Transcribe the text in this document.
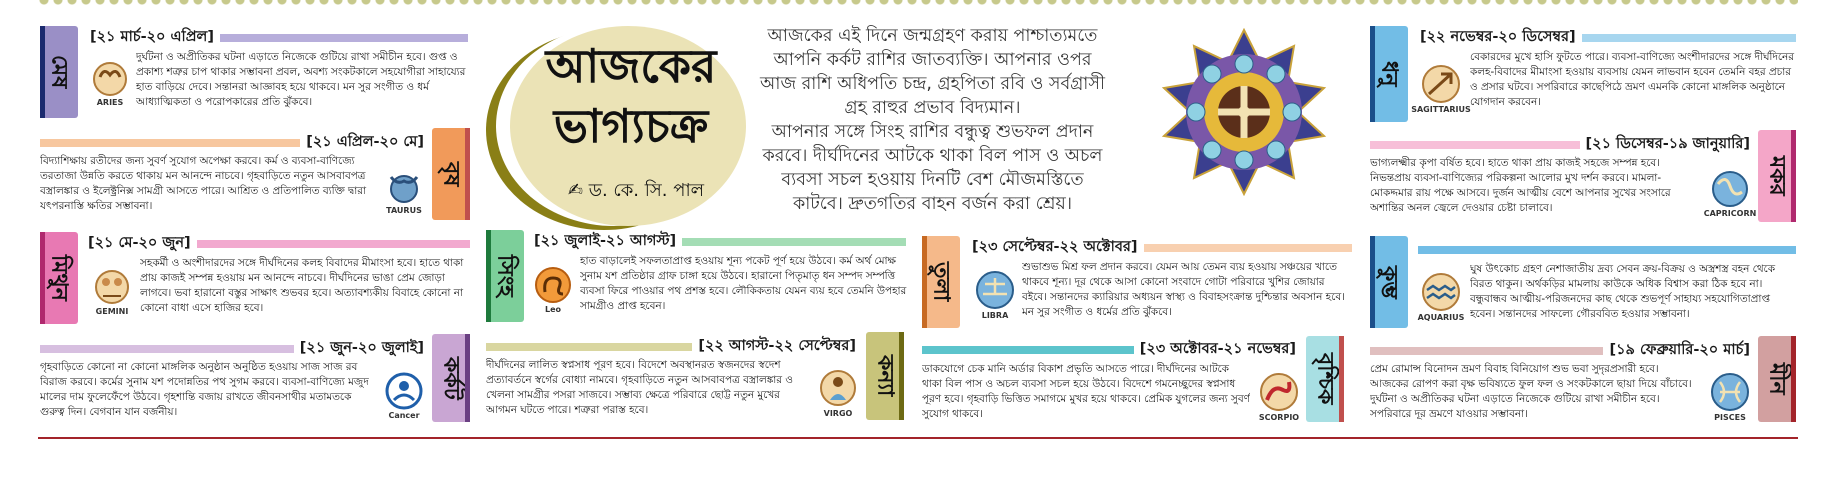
মেষ
[২১ মার্চ-২০ এপ্রিল]
দুর্ঘটনা ও অপ্রীতিকর ঘটনা এড়াতে নিজেকে গুটিয়ে রাখা সমীচীন হবে। গুপ্ত ও প্রকাশ্য শত্রুর চাপ থাকার সম্ভাবনা প্রবল, অবশ্য সংকটকালে সহযোগীরা সাহায্যের হাত বাড়িয়ে দেবে। সন্তানরা আজ্ঞাবহ হয়ে থাকবে। মন সুর সংগীত ও ধর্ম আধ্যাত্মিকতা ও পরোপকারের প্রতি ঝুঁকবে।
ARIES
[২১ এপ্রিল-২০ মে]
বৃষ
বিদ্যাশিক্ষায় রতীদের জন্য সুবর্ণ সুযোগ অপেক্ষা করবে। কর্ম ও ব্যবসা-বাণিজ্যে তরতাজা উন্নতি করতে থাকায় মন আনন্দে নাচবে। গৃহবাড়িতে নতুন আসবাবপত্র বস্ত্রালঙ্কার ও ইলেক্ট্রনিক্স সামগ্রী আসতে পারে। আশ্রিত ও প্রতিপালিত ব্যক্তি দ্বারা যৎপরনাস্তি ক্ষতির সম্ভাবনা।	TAURUS
মিথুন
[২১ মে-২০ জুন]
সহকর্মী ও অংশীদারদের সঙ্গে দীর্ঘদিনের কলহ বিবাদের মীমাংসা হবে। হাতে থাকা প্রায় কাজই সম্পন্ন হওয়ায় মন আনন্দে নাচবে। দীর্ঘদিনের ভাঙা প্রেম জোড়া লাগবে। ভবা হারানো বস্তুর সাক্ষাৎ শুভবর হবে। অত্যাবশ্যকীয় বিবাহে কোনো না কোনো বাধা এসে হাজির হবে।
GEMINI
[২১ জুন-২০ জুলাই]
কর্কট
গৃহবাড়িতে কোনো না কোনো মাঙ্গলিক অনুষ্ঠান অনুষ্ঠিত হওয়ায় সাজ সাজ রব বিরাজ করবে। কর্মের সুনাম যশ পদোন্নতির পথ সুগম করবে। ব্যবসা-বাণিজ্যে মজুদ মালের দাম ফুলেফেঁপে উঠবে। গৃহশান্তি বজায় রাখতে জীবনসাথীর মতামতকে গুরুত্ব দিন। বেগবান যান বর্জনীয়।	Cancer
আজকের
ভাগ্যচক্র
✍ ড. কে. সি. পাল
আজকের এই দিনে জন্মগ্রহণ করায় পাশ্চাত্যমতে আপনি কর্কট রাশির জাতব্যক্তি। আপনার ওপর আজ রাশি অধিপতি চন্দ্র, গ্রহপিতা রবি ও সর্বগ্রাসী গ্রহ রাহুর প্রভাব বিদ্যমান।
আপনার সঙ্গে সিংহ রাশির বন্ধুত্ব শুভফল প্রদান করবে। দীর্ঘদিনের আটকে থাকা বিল পাস ও অচল ব্যবসা সচল হওয়ায় দিনটি বেশ মৌজমস্তিতে কাটবে। দ্রুতগতির বাহন বর্জন করা শ্রেয়।
সিংহ
[২১ জুলাই-২১ আগস্ট]
হাত বাড়ালেই সফলতাপ্রাপ্ত হওয়ায় শূন্য পকেট পূর্ণ হয়ে উঠবে। কর্ম অর্থ মোক্ষ সুনাম যশ প্রতিষ্ঠার গ্রাফ চাঙ্গা হয়ে উঠবে। হারানো পিতৃমাতৃ ধন সম্পদ সম্পত্তি ব্যবসা ফিরে পাওয়ার পথ প্রশস্ত হবে। লৌকিকতায় যেমন ব্যয় হবে তেমনি উপহার সামগ্রীও প্রাপ্ত হবেন।
Leo
[২২ আগস্ট-২২ সেপ্টেম্বর]
কন্যা
দীর্ঘদিনের লালিত স্বপ্নসাধ পূরণ হবে। বিদেশে অবস্থানরত স্বজনদের স্বদেশ প্রত্যাবর্তনে স্বর্গের বোধ্যা নামবে। গৃহবাড়িতে নতুন আসবাবপত্র বস্ত্রালঙ্কার ও খেলনা সামগ্রীর পসরা সাজবে। সম্ভাব্য ক্ষেত্রে পরিবারে ছোট্ট নতুন মুখের আগমন ঘটতে পারে। শত্রুরা পরাস্ত হবে।	VIRGO
তুলা
[২৩ সেপ্টেম্বর-২২ অক্টোবর]
শুভাশুভ মিশ্র ফল প্রদান করবে। যেমন আয় তেমন ব্যয় হওয়ায় সঞ্চয়ের খাতে থাকবে শূন্য। দূর থেকে আসা কোনো সংবাদে গোটা পরিবারে খুশির জোয়ার বইবে। সন্তানদের ক্যারিয়ার অধ্যয়ন স্বাস্থ্য ও বিবাহসংক্রান্ত দুশ্চিন্তার অবসান হবে। মন সুর সংগীত ও ধর্মের প্রতি ঝুঁকবে।
LIBRA
[২৩ অক্টোবর-২১ নভেম্বর]
বৃশ্চিক
ডাকযোগে চেক মানি অর্ডার বিকাশ প্রভৃতি আসতে পারে। দীর্ঘদিনের আটকে থাকা বিল পাস ও অচল ব্যবসা সচল হয়ে উঠবে। বিদেশে গমনেচ্ছুদের স্বপ্নসাধ পূরণ হবে। গৃহবাড়ি ভিত্তিত সমাগমে মুখর হয়ে থাকবে। প্রেমিক যুগলের জন্য সুবর্ণ সুযোগ থাকবে।	SCORPIO
ধনু
[২২ নভেম্বর-২০ ডিসেম্বর]
বেকারদের মুখে হাসি ফুটতে পারে। ব্যবসা-বাণিজ্যে অংশীদারদের সঙ্গে দীর্ঘদিনের কলহ-বিবাদের মীমাংসা হওয়ায় ব্যবসায় যেমন লাভবান হবেন তেমনি বহর প্রচার ও প্রসার ঘটবে। সপরিবারে কাছেপিঠে ভ্রমণ এমনকি কোনো মাঙ্গলিক অনুষ্ঠানে যোগদান করবেন।
SAGITTARIUS
[২১ ডিসেম্বর-১৯ জানুয়ারি]
মকর
ভাগ্যলক্ষ্মীর কৃপা বর্ষিত হবে। হাতে থাকা প্রায় কাজই সহজে সম্পন্ন হবে। নিভন্তপ্রায় ব্যবসা-বাণিজ্যের পরিকল্পনা আলোর মুখ দর্শন করবে। মামলা-মোকদ্দমার রায় পক্ষে আসবে। দুর্জন আত্মীয় বেশে আপনার সুখের সংসারে অশান্তির অনল জ্বেলে দেওয়ার চেষ্টা চালাবে।	CAPRICORN
কুম্ভ	ঘুষ উৎকোচ গ্রহণ নেশাজাতীয় দ্রব্য সেবন ক্রয়-বিক্রয় ও অস্ত্রশস্ত্র বহন থেকে বিরত থাকুন। অর্থকড়ির মামলায় কাউকে অধিক বিশ্বাস করা ঠিক হবে না। বন্ধুবান্ধব আত্মীয়-পরিজনদের কাছ থেকে শুভপূর্ণ সাহায্য সহযোগিতাপ্রাপ্ত হবেন। সন্তানদের সাফল্যে গৌরববিত হওয়ার সম্ভাবনা।
AQUARIUS
[১৯ ফেব্রুয়ারি-২০ মার্চ]
মীন
প্রেম রোমান্স বিনোদন ভ্রমণ বিবাহ বিনিয়োগ শুভ ভবা সুদৃরপ্রসারী হবে। আজকের রোপণ করা বৃক্ষ ভবিষ্যতে ফুল ফল ও সংকটকালে ছায়া দিয়ে বাঁচাবে। দুর্ঘটনা ও অপ্রীতিকর ঘটনা এড়াতে নিজেকে গুটিয়ে রাখা সমীচীন হবে। সপরিবারে দূর ভ্রমণে যাওয়ার সম্ভাবনা।	PISCES
